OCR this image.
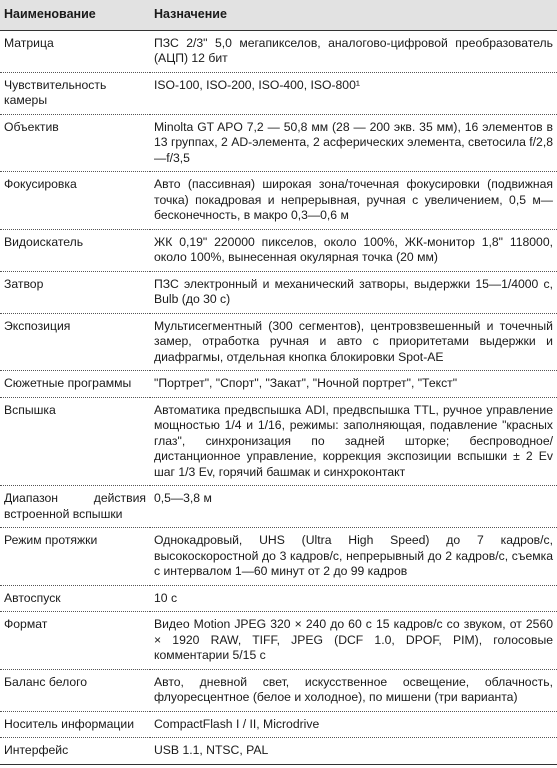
Наименование	Назначение
Матрица	ПЗС 2/3" 5,0 мегапикселов, аналогово-цифровой преобразователь (АЦП) 12 бит
Чувствительность камеры	ISO-100, ISO-200, ISO-400, ISO-800¹
Объектив	Minolta GT APO 7,2 — 50,8 мм (28 — 200 экв. 35 мм), 16 элементов в 13 группах, 2 AD-элемента, 2 асферических элемента, светосила f/2,8—f/3,5
Фокусировка	Авто (пассивная) широкая зона/точечная фокусировки (подвижная точка) покадровая и непрерывная, ручная с увеличением, 0,5 м—бесконечность, в макро 0,3—0,6 м
Видоискатель	ЖК 0,19" 220000 пикселов, около 100%, ЖК-монитор 1,8" 118000, около 100%, вынесенная окулярная точка (20 мм)
Затвор	ПЗС электронный и механический затворы, выдержки 15—1/4000 с, Bulb (до 30 с)
Экспозиция	Мультисегментный (300 сегментов), центровзвешенный и точечный замер, отработка ручная и авто с приоритетами выдержки и диафрагмы, отдельная кнопка блокировки Spot-AE
Сюжетные программы	"Портрет", "Спорт", "Закат", "Ночной портрет", "Текст"
Вспышка	Автоматика предвспышка ADI, предвспышка TTL, ручное управление мощностью 1/4 и 1/16, режимы: заполняющая, подавление "красных глаз", синхронизация по задней шторке; беспроводное/дистанционное управление, коррекция экспозиции вспышки ± 2 Ev шаг 1/3 Ev, горячий башмак и синхроконтакт
Диапазон действия встроенной вспышки	0,5—3,8 м
Режим протяжки	Однокадровый, UHS (Ultra High Speed) до 7 кадров/с, высокоскоростной до 3 кадров/с, непрерывный до 2 кадров/с, съемка с интервалом 1—60 минут от 2 до 99 кадров
Автоспуск	10 с
Формат	Видео Motion JPEG 320 × 240 до 60 с 15 кадров/с со звуком, от 2560 × 1920 RAW, TIFF, JPEG (DCF 1.0, DPOF, PIM), голосовые комментарии 5/15 с
Баланс белого	Авто, дневной свет, искусственное освещение, облачность, флуоресцентное (белое и холодное), по мишени (три варианта)
Носитель информации	CompactFlash I / II, Microdrive
Интерфейс	USB 1.1, NTSC, PAL
